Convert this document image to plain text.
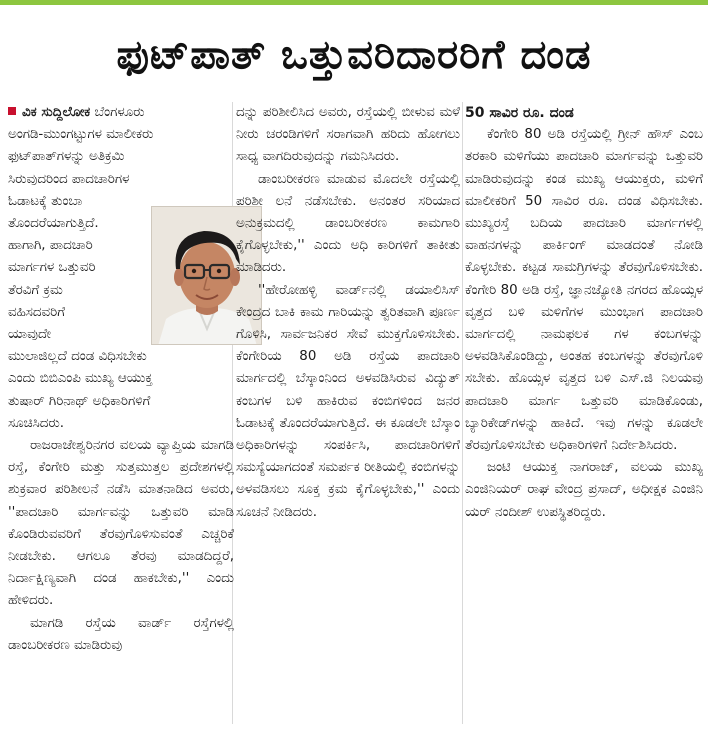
ಫುಟ್‌ಪಾತ್ ಒತ್ತುವರಿದಾರರಿಗೆ ದಂಡ
ವಿಕ ಸುದ್ದಿಲೋಕ ಬೆಂಗಳೂರು
ಅಂಗಡಿ-ಮುಂಗಟ್ಟುಗಳ ಮಾಲೀಕರು
ಫುಟ್‌ಪಾತ್‌ಗಳನ್ನು ಅತಿಕ್ರಮಿ
ಸಿರುವುದರಿಂದ ಪಾದಚಾರಿಗಳ
ಓಡಾಟಕ್ಕೆ ತುಂಬಾ
ತೊಂದರೆಯಾಗುತ್ತಿದೆ.
ಹಾಗಾಗಿ, ಪಾದಚಾರಿ
ಮಾರ್ಗಗಳ ಒತ್ತುವರಿ
ತೆರವಿಗೆ ಕ್ರಮ
ವಹಿಸದವರಿಗೆ
ಯಾವುದೇ
ಮುಲಾಜಿಲ್ಲದೆ ದಂಡ ವಿಧಿಸಬೇಕು
ಎಂದು ಬಿಬಿಎಂಪಿ ಮುಖ್ಯ ಆಯುಕ್ತ
ತುಷಾರ್ ಗಿರಿನಾಥ್ ಅಧಿಕಾರಿಗಳಿಗೆ
ಸೂಚಿಸಿದರು.

ರಾಜರಾಜೇಶ್ವರಿನಗರ ವಲಯ ವ್ಯಾಪ್ತಿಯ ಮಾಗಡಿ ರಸ್ತೆ, ಕೆಂಗೇರಿ ಮತ್ತು ಸುತ್ತಮುತ್ತಲ ಪ್ರದೇಶಗಳಲ್ಲಿ ಶುಕ್ರವಾರ ಪರಿಶೀಲನೆ ನಡೆಸಿ ಮಾತನಾಡಿದ ಅವರು, ''ಪಾದಚಾರಿ ಮಾರ್ಗವನ್ನು ಒತ್ತುವರಿ ಮಾಡಿ ಕೊಂಡಿರುವವರಿಗೆ ತೆರವುಗೊಳಿಸುವಂತೆ ಎಚ್ಚರಿಕೆ ನೀಡಬೇಕು. ಆಗಲೂ ತೆರವು ಮಾಡದಿದ್ದರೆ, ನಿರ್ದಾಕ್ಷಿಣ್ಯವಾಗಿ ದಂಡ ಹಾಕಬೇಕು,'' ಎಂದು ಹೇಳಿದರು.

ಮಾಗಡಿ ರಸ್ತೆಯ ವಾರ್ಡ್ ರಸ್ತೆಗಳಲ್ಲಿ ಡಾಂಬರೀಕರಣ ಮಾಡಿರುವು

ದನ್ನು ಪರಿಶೀಲಿಸಿದ ಅವರು, ರಸ್ತೆಯಲ್ಲಿ ಬೀಳುವ ಮಳೆ ನೀರು ಚರಂಡಿಗಳಿಗೆ ಸರಾಗವಾಗಿ ಹರಿದು ಹೋಗಲು ಸಾಧ್ಯ ವಾಗದಿರುವುದನ್ನು ಗಮನಿಸಿದರು.

ಡಾಂಬರೀಕರಣ ಮಾಡುವ ಮೊದಲೇ ರಸ್ತೆಯಲ್ಲಿ ಪರಿಶೀ ಲನೆ ನಡೆಸಬೇಕು. ಅನಂತರ ಸರಿಯಾದ ಅನುಕ್ರಮದಲ್ಲಿ ಡಾಂಬರೀಕರಣ ಕಾಮಗಾರಿ ಕೈಗೊಳ್ಳಬೇಕು,'' ಎಂದು ಅಧಿ ಕಾರಿಗಳಿಗೆ ತಾಕೀತು ಮಾಡಿದರು.

''ಹೇರೋಹಳ್ಳಿ ವಾರ್ಡ್‌ನಲ್ಲಿ ಡಯಾಲಿಸಿಸ್ ಕೇಂದ್ರದ ಬಾಕಿ ಕಾಮ ಗಾರಿಯನ್ನು ತ್ವರಿತವಾಗಿ ಪೂರ್ಣ ಗೊಳಿಸಿ, ಸಾರ್ವಜನಿಕರ ಸೇವೆ ಮುಕ್ತಗೊಳಿಸಬೇಕು. ಕೆಂಗೇರಿಯ 80 ಅಡಿ ರಸ್ತೆಯ ಪಾದಚಾರಿ ಮಾರ್ಗದಲ್ಲಿ ಬೆಸ್ಕಾಂನಿಂದ ಅಳವಡಿಸಿರುವ ವಿದ್ಯುತ್ ಕಂಬಗಳ ಬಳಿ ಹಾಕಿರುವ ಕಂಬಿಗಳಿಂದ ಜನರ ಓಡಾಟಕ್ಕೆ ತೊಂದರೆಯಾಗುತ್ತಿದೆ. ಈ ಕೂಡಲೇ ಬೆಸ್ಕಾಂ ಅಧಿಕಾರಿಗಳನ್ನು ಸಂಪರ್ಕಿಸಿ, ಪಾದಚಾರಿಗಳಿಗೆ ಸಮಸ್ಯೆಯಾಗದಂತೆ ಸಮರ್ಪಕ ರೀತಿಯಲ್ಲಿ ಕಂಬಿಗಳನ್ನು ಅಳವಡಿಸಲು ಸೂಕ್ತ ಕ್ರಮ ಕೈಗೊಳ್ಳಬೇಕು,'' ಎಂದು ಸೂಚನೆ ನೀಡಿದರು.

50 ಸಾವಿರ ರೂ. ದಂಡ

ಕೆಂಗೇರಿ 80 ಅಡಿ ರಸ್ತೆಯಲ್ಲಿ ಗ್ರೀನ್ ಹೌಸ್ ಎಂಬ ತರಕಾರಿ ಮಳಿಗೆಯು ಪಾದಚಾರಿ ಮಾರ್ಗವನ್ನು ಒತ್ತುವರಿ ಮಾಡಿರುವುದನ್ನು ಕಂಡ ಮುಖ್ಯ ಆಯುಕ್ತರು, ಮಳಿಗೆ ಮಾಲೀಕರಿಗೆ 50 ಸಾವಿರ ರೂ. ದಂಡ ವಿಧಿಸಬೇಕು. ಮುಖ್ಯರಸ್ತೆ ಬದಿಯ ಪಾದಚಾರಿ ಮಾರ್ಗಗಳಲ್ಲಿ ವಾಹನಗಳನ್ನು ಪಾರ್ಕಿಂಗ್ ಮಾಡದಂತೆ ನೋಡಿ ಕೊಳ್ಳಬೇಕು. ಕಟ್ಟಡ ಸಾಮಗ್ರಿಗಳನ್ನು ತೆರವುಗೊಳಿಸಬೇಕು. ಕೆಂಗೇರಿ 80 ಅಡಿ ರಸ್ತೆ, ಜ್ಞಾನಜ್ಯೋತಿ ನಗರದ ಹೊಯ್ಸಳ ವೃತ್ತದ ಬಳಿ ಮಳಿಗೆಗಳ ಮುಂಭಾಗ ಪಾದಚಾರಿ ಮಾರ್ಗದಲ್ಲಿ ನಾಮಫಲಕ ಗಳ ಕಂಬಗಳನ್ನು ಅಳವಡಿಸಿಕೊಂಡಿದ್ದು, ಅಂತಹ ಕಂಬಗಳನ್ನು ತೆರವುಗೊಳಿ ಸಬೇಕು. ಹೊಯ್ಸಳ ವೃತ್ತದ ಬಳಿ ಎಸ್.ಜಿ ನಿಲಯವು ಪಾದಚಾರಿ ಮಾರ್ಗ ಒತ್ತುವರಿ ಮಾಡಿಕೊಂಡು, ಬ್ಯಾರಿಕೇಡ್‌ಗಳನ್ನು ಹಾಕಿದೆ. ಇವು ಗಳನ್ನು ಕೂಡಲೇ ತೆರವುಗೊಳಿಸಬೇಕು ಅಧಿಕಾರಿಗಳಿಗೆ ನಿರ್ದೇಶಿಸಿದರು.

ಜಂಟಿ ಆಯುಕ್ತ ನಾಗರಾಜ್, ವಲಯ ಮುಖ್ಯ ಎಂಜಿನಿಯರ್ ರಾಘ ವೇಂದ್ರ ಪ್ರಸಾದ್, ಅಧೀಕ್ಷಕ ಎಂಜಿನಿ ಯರ್ ನಂದೀಶ್ ಉಪಸ್ಥಿತರಿದ್ದರು.
